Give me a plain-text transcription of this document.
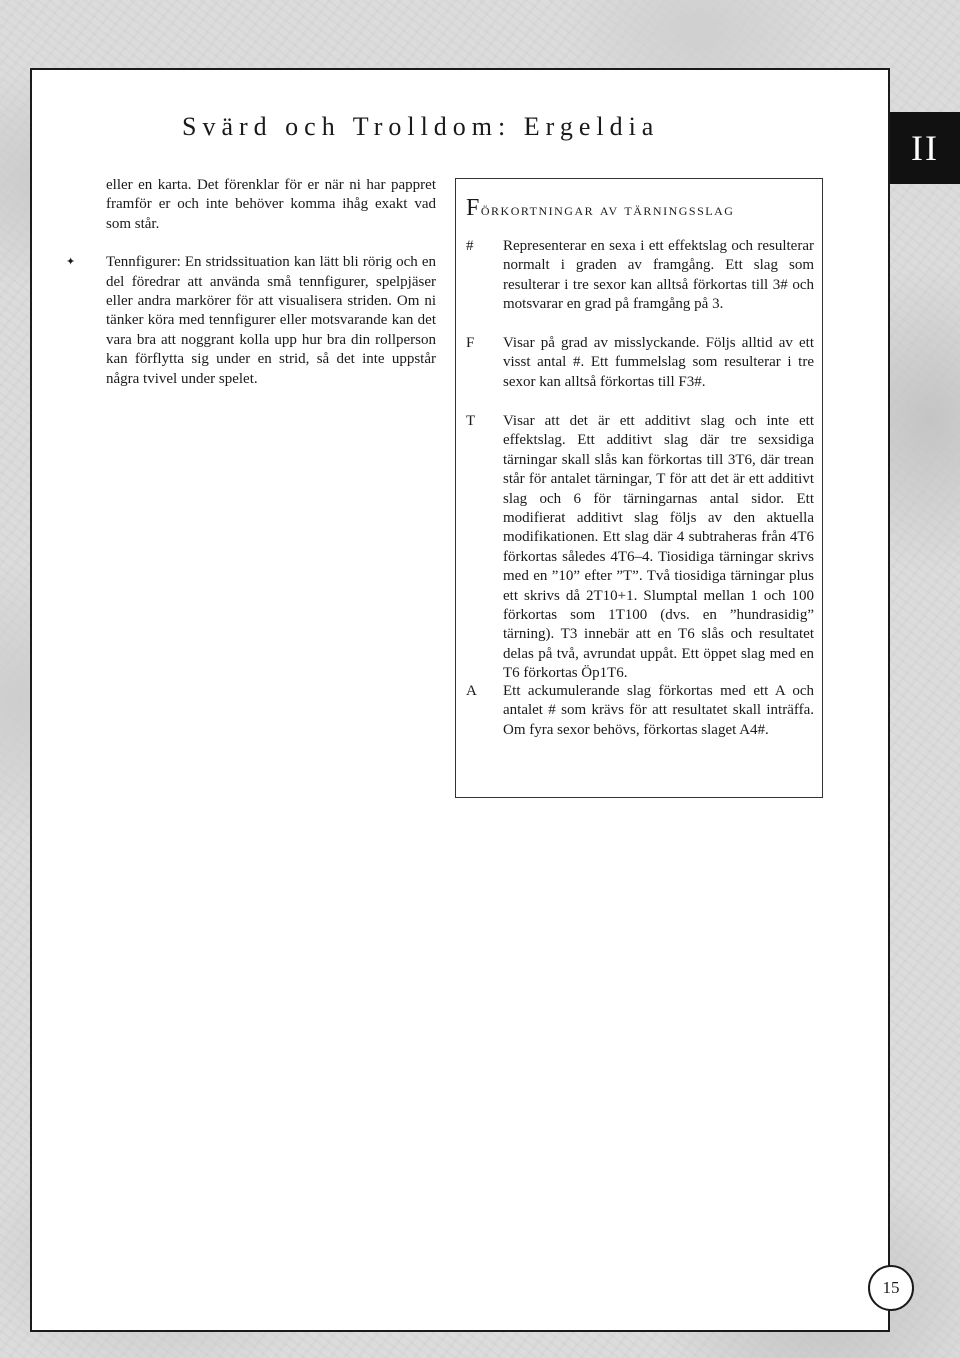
Svärd och Trolldom: Ergeldia
II

eller en karta. Det förenklar för er när ni har pappret framför er och inte behöver komma ihåg exakt vad som står.

✦ Tennfigurer: En stridssituation kan lätt bli rörig och en del föredrar att använda små tennfigurer, spelpjäser eller andra markörer för att visualisera striden. Om ni tänker köra med tennfigurer eller motsvarande kan det vara bra att noggrant kolla upp hur bra din rollperson kan förflytta sig under en strid, så det inte uppstår några tvivel under spelet.

Förkortningar av tärningsslag
#	Representerar en sexa i ett effektslag och resulterar normalt i graden av framgång. Ett slag som resulterar i tre sexor kan alltså förkortas till 3# och motsvarar en grad på framgång på 3.
F	Visar på grad av misslyckande. Följs alltid av ett visst antal #. Ett fummelslag som resulterar i tre sexor kan alltså förkortas till F3#.
T	Visar att det är ett additivt slag och inte ett effektslag. Ett additivt slag där tre sexsidiga tärningar skall slås kan förkortas till 3T6, där trean står för antalet tärningar, T för att det är ett additivt slag och 6 för tärningarnas antal sidor. Ett modifierat additivt slag följs av den aktuella modifikationen. Ett slag där 4 subtraheras från 4T6 förkortas således 4T6–4. Tiosidiga tärningar skrivs med en ”10” efter ”T”. Två tiosidiga tärningar plus ett skrivs då 2T10+1. Slumptal mellan 1 och 100 förkortas som 1T100 (dvs. en ”hundrasidig” tärning). T3 innebär att en T6 slås och resultatet delas på två, avrundat uppåt. Ett öppet slag med en T6 förkortas Öp1T6.
A	Ett ackumulerande slag förkortas med ett A och antalet # som krävs för att resultatet skall inträffa. Om fyra sexor behövs, förkortas slaget A4#.
15
